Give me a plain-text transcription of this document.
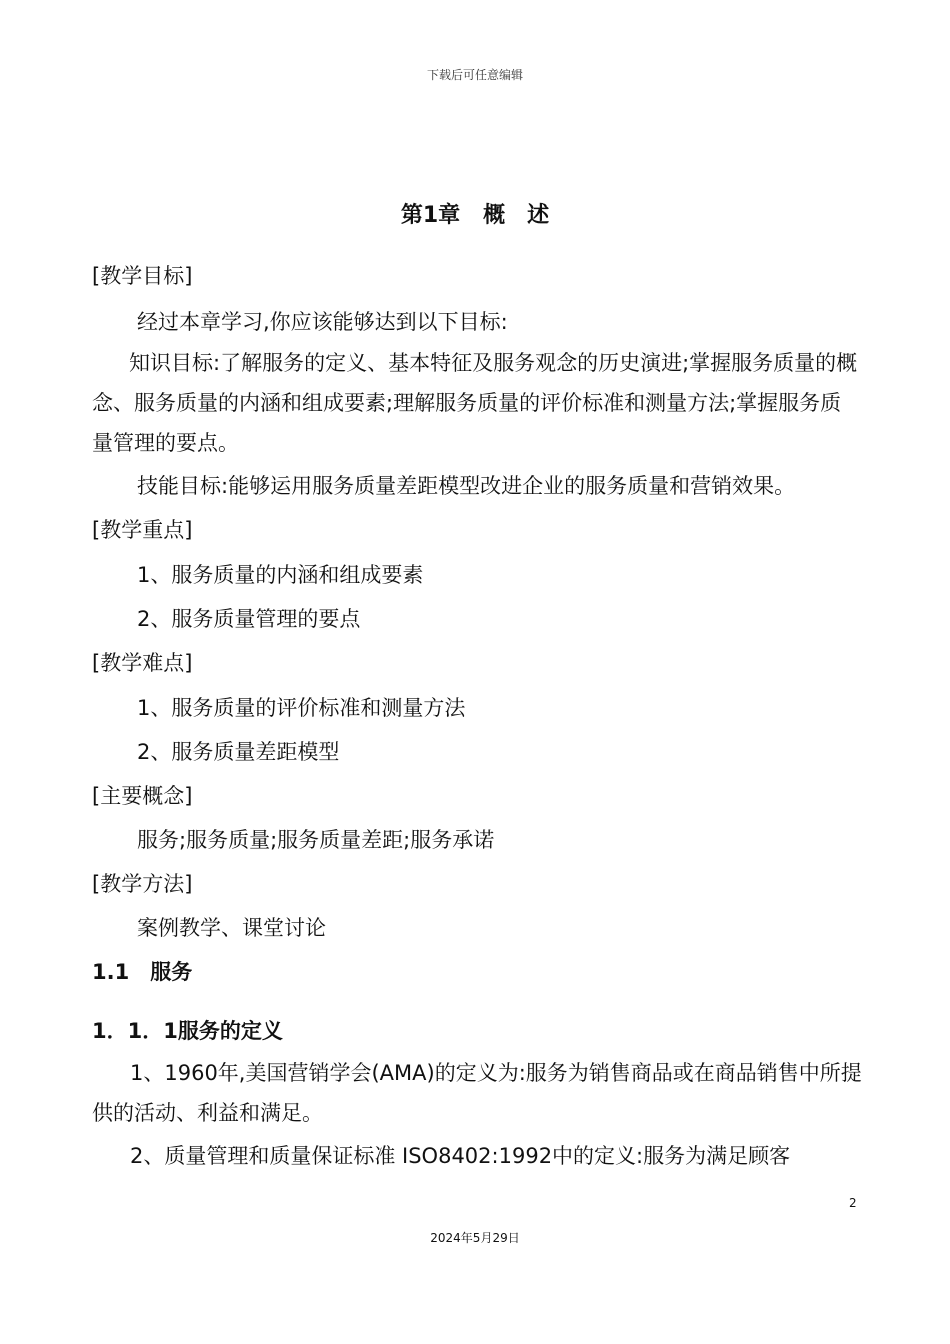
下载后可任意编辑
第1章 概　述
[教学目标]
经过本章学习,你应该能够达到以下目标:
知识目标:了解服务的定义、基本特征及服务观念的历史演进;掌握服务质量的概念、服务质量的内涵和组成要素;理解服务质量的评价标准和测量方法;掌握服务质量管理的要点。
技能目标:能够运用服务质量差距模型改进企业的服务质量和营销效果。
[教学重点]
1、服务质量的内涵和组成要素
2、服务质量管理的要点
[教学难点]
1、服务质量的评价标准和测量方法
2、服务质量差距模型
[主要概念]
服务;服务质量;服务质量差距;服务承诺
[教学方法]
案例教学、课堂讨论
1.1　服务
1．1．1服务的定义
1、1960年,美国营销学会(AMA)的定义为:服务为销售商品或在商品销售中所提供的活动、利益和满足。
2、质量管理和质量保证标准 ISO8402:1992中的定义:服务为满足顾客
2
2024年5月29日
